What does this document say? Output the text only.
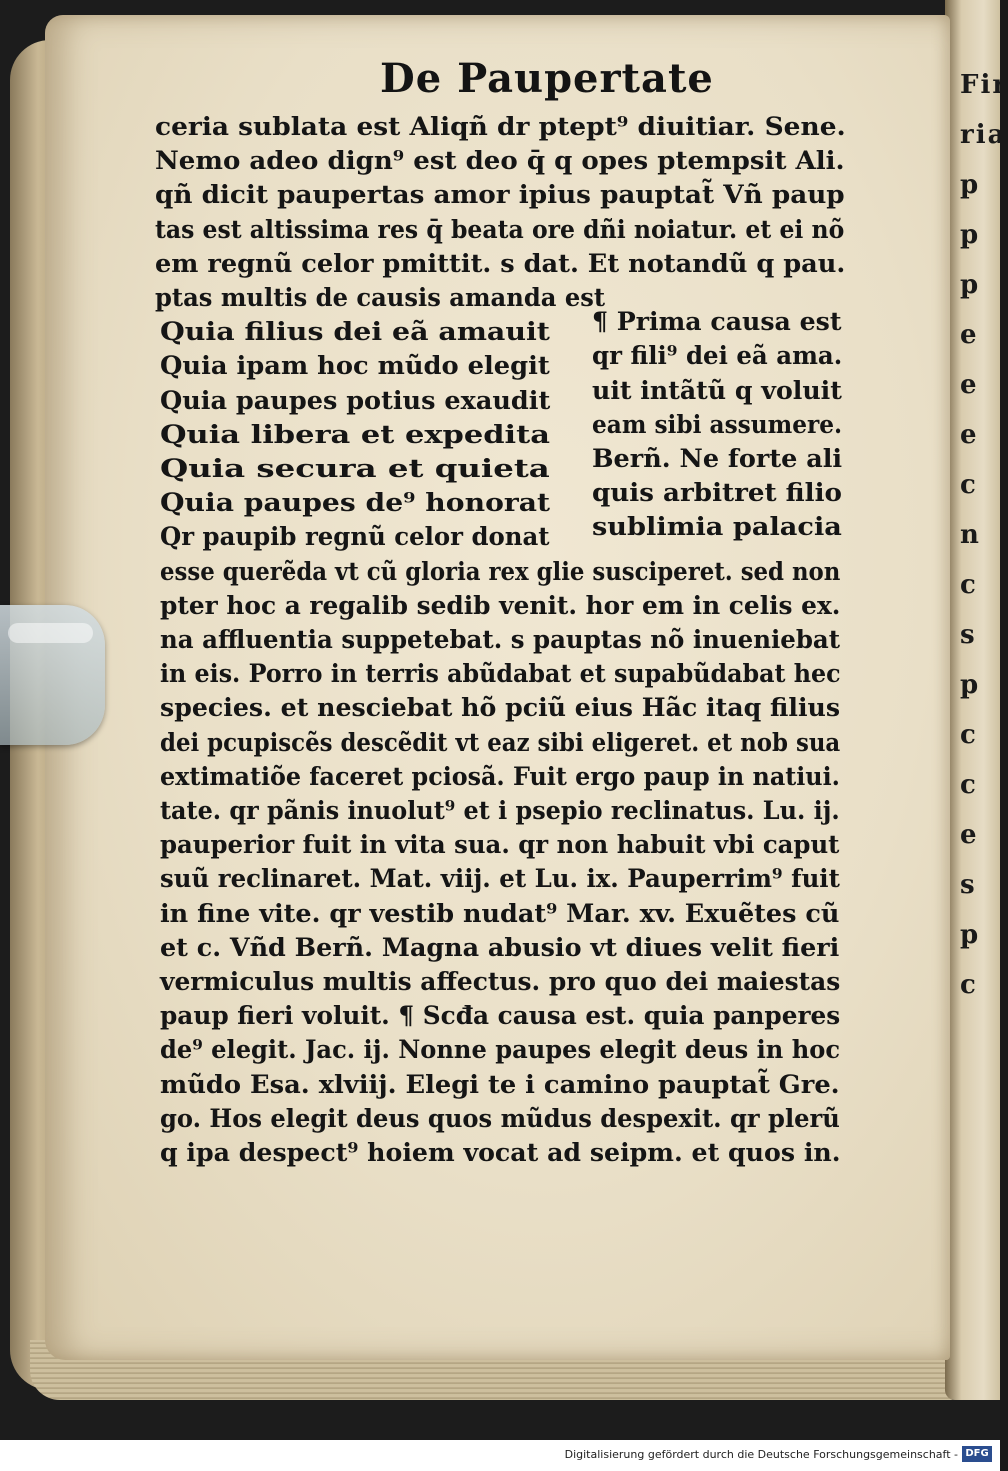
Fir
ria
p
p
p
e
e
e
c
n
c
s
p
c
c
e
s
p
c
De Paupertate
ceria sublata est Aliqñ dr ptept⁹ diuitiar. Sene.
Nemo adeo dign⁹ est deo q̄ q opes ptempsit Ali.
qñ dicit paupertas amor ipius pauptat̃ Vñ paup
tas est altissima res q̄ beata ore dñi noiatur. et ei nõ
em regnũ celor pmittit. s dat. Et notandũ q pau.
ptas multis de causis amanda est
Quia filius dei eã amauit
Quia ipam hoc mũdo elegit
Quia paupes potius exaudit
Quia libera et expedita
Quia secura et quieta
Quia paupes de⁹ honorat
Qr paupib regnũ celor donat
¶ Prima causa est
qr fili⁹ dei eã ama.
uit intãtũ q voluit
eam sibi assumere.
Berñ. Ne forte ali
quis arbitret filio
sublimia palacia
esse querẽda vt cũ gloria rex glie susciperet. sed non
pter hoc a regalib sedib venit. hor em in celis ex.
na affluentia suppetebat. s pauptas nõ inueniebat
in eis. Porro in terris abũdabat et supabũdabat hec
species. et nesciebat hõ pciũ eius Hãc itaq filius
dei pcupiscẽs descẽdit vt eaz sibi eligeret. et nob sua
extimatiõe faceret pciosã. Fuit ergo paup in natiui.
tate. qr pãnis inuolut⁹ et i psepio reclinatus. Lu. ij.
pauperior fuit in vita sua. qr non habuit vbi caput
suũ reclinaret. Mat. viij. et Lu. ix. Pauperrim⁹ fuit
in fine vite. qr vestib nudat⁹ Mar. xv. Exuẽtes cũ
et c. Vñd Berñ. Magna abusio vt diues velit fieri
vermiculus multis affectus. pro quo dei maiestas
paup fieri voluit. ¶ Scđa causa est. quia panperes
de⁹ elegit. Jac. ij. Nonne paupes elegit deus in hoc
mũdo Esa. xlviij. Elegi te i camino pauptat̃ Gre.
go. Hos elegit deus quos mũdus despexit. qr plerũ
q ipa despect⁹ hoiem vocat ad seipm. et quos in.
Digitalisierung gefördert durch die Deutsche Forschungsgemeinschaft - DFG
